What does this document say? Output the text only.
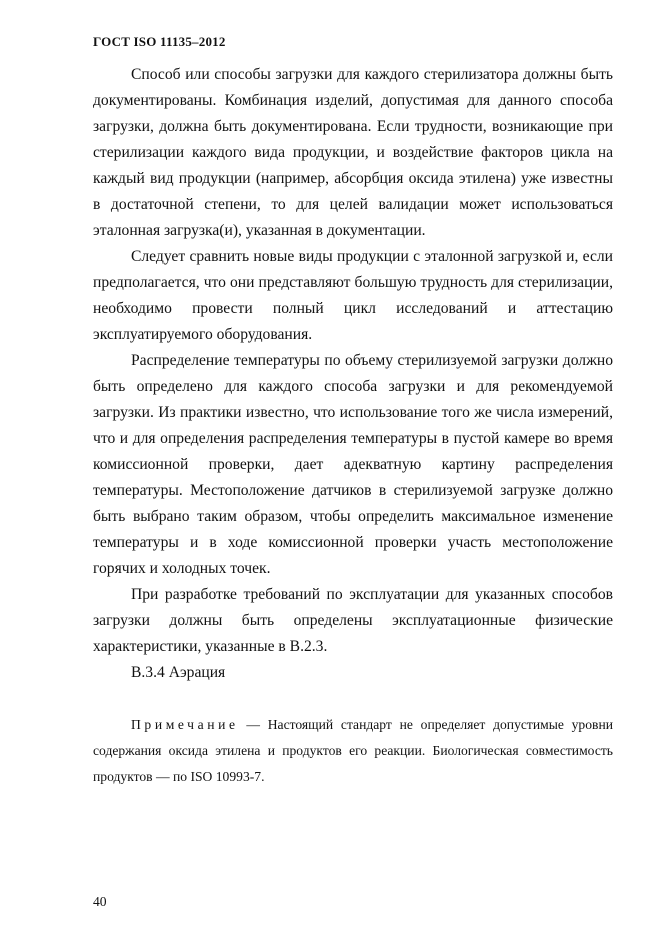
ГОСТ ISO 11135–2012

Способ или способы загрузки для каждого стерилизатора должны быть документированы. Комбинация изделий, допустимая для данного способа загрузки, должна быть документирована. Если трудности, возникающие при стерилизации каждого вида продукции, и воздействие факторов цикла на каждый вид продукции (например, абсорбция оксида этилена) уже известны в достаточной степени, то для целей валидации может использоваться эталонная загрузка(и), указанная в документации.

Следует сравнить новые виды продукции с эталонной загрузкой и, если предполагается, что они представляют большую трудность для стерилизации, необходимо провести полный цикл исследований и аттестацию эксплуатируемого оборудования.

Распределение температуры по объему стерилизуемой загрузки должно быть определено для каждого способа загрузки и для рекомендуемой загрузки. Из практики известно, что использование того же числа измерений, что и для определения распределения температуры в пустой камере во время комиссионной проверки, дает адекватную картину распределения температуры. Местоположение датчиков в стерилизуемой загрузке должно быть выбрано таким образом, чтобы определить максимальное изменение температуры и в ходе комиссионной проверки участь местоположение горячих и холодных точек.

При разработке требований по эксплуатации для указанных способов загрузки должны быть определены эксплуатационные физические характеристики, указанные в В.2.3.

В.3.4 Аэрация

Примечание — Настоящий стандарт не определяет допустимые уровни содержания оксида этилена и продуктов его реакции. Биологическая совместимость продуктов — по ISO 10993-7.

40
